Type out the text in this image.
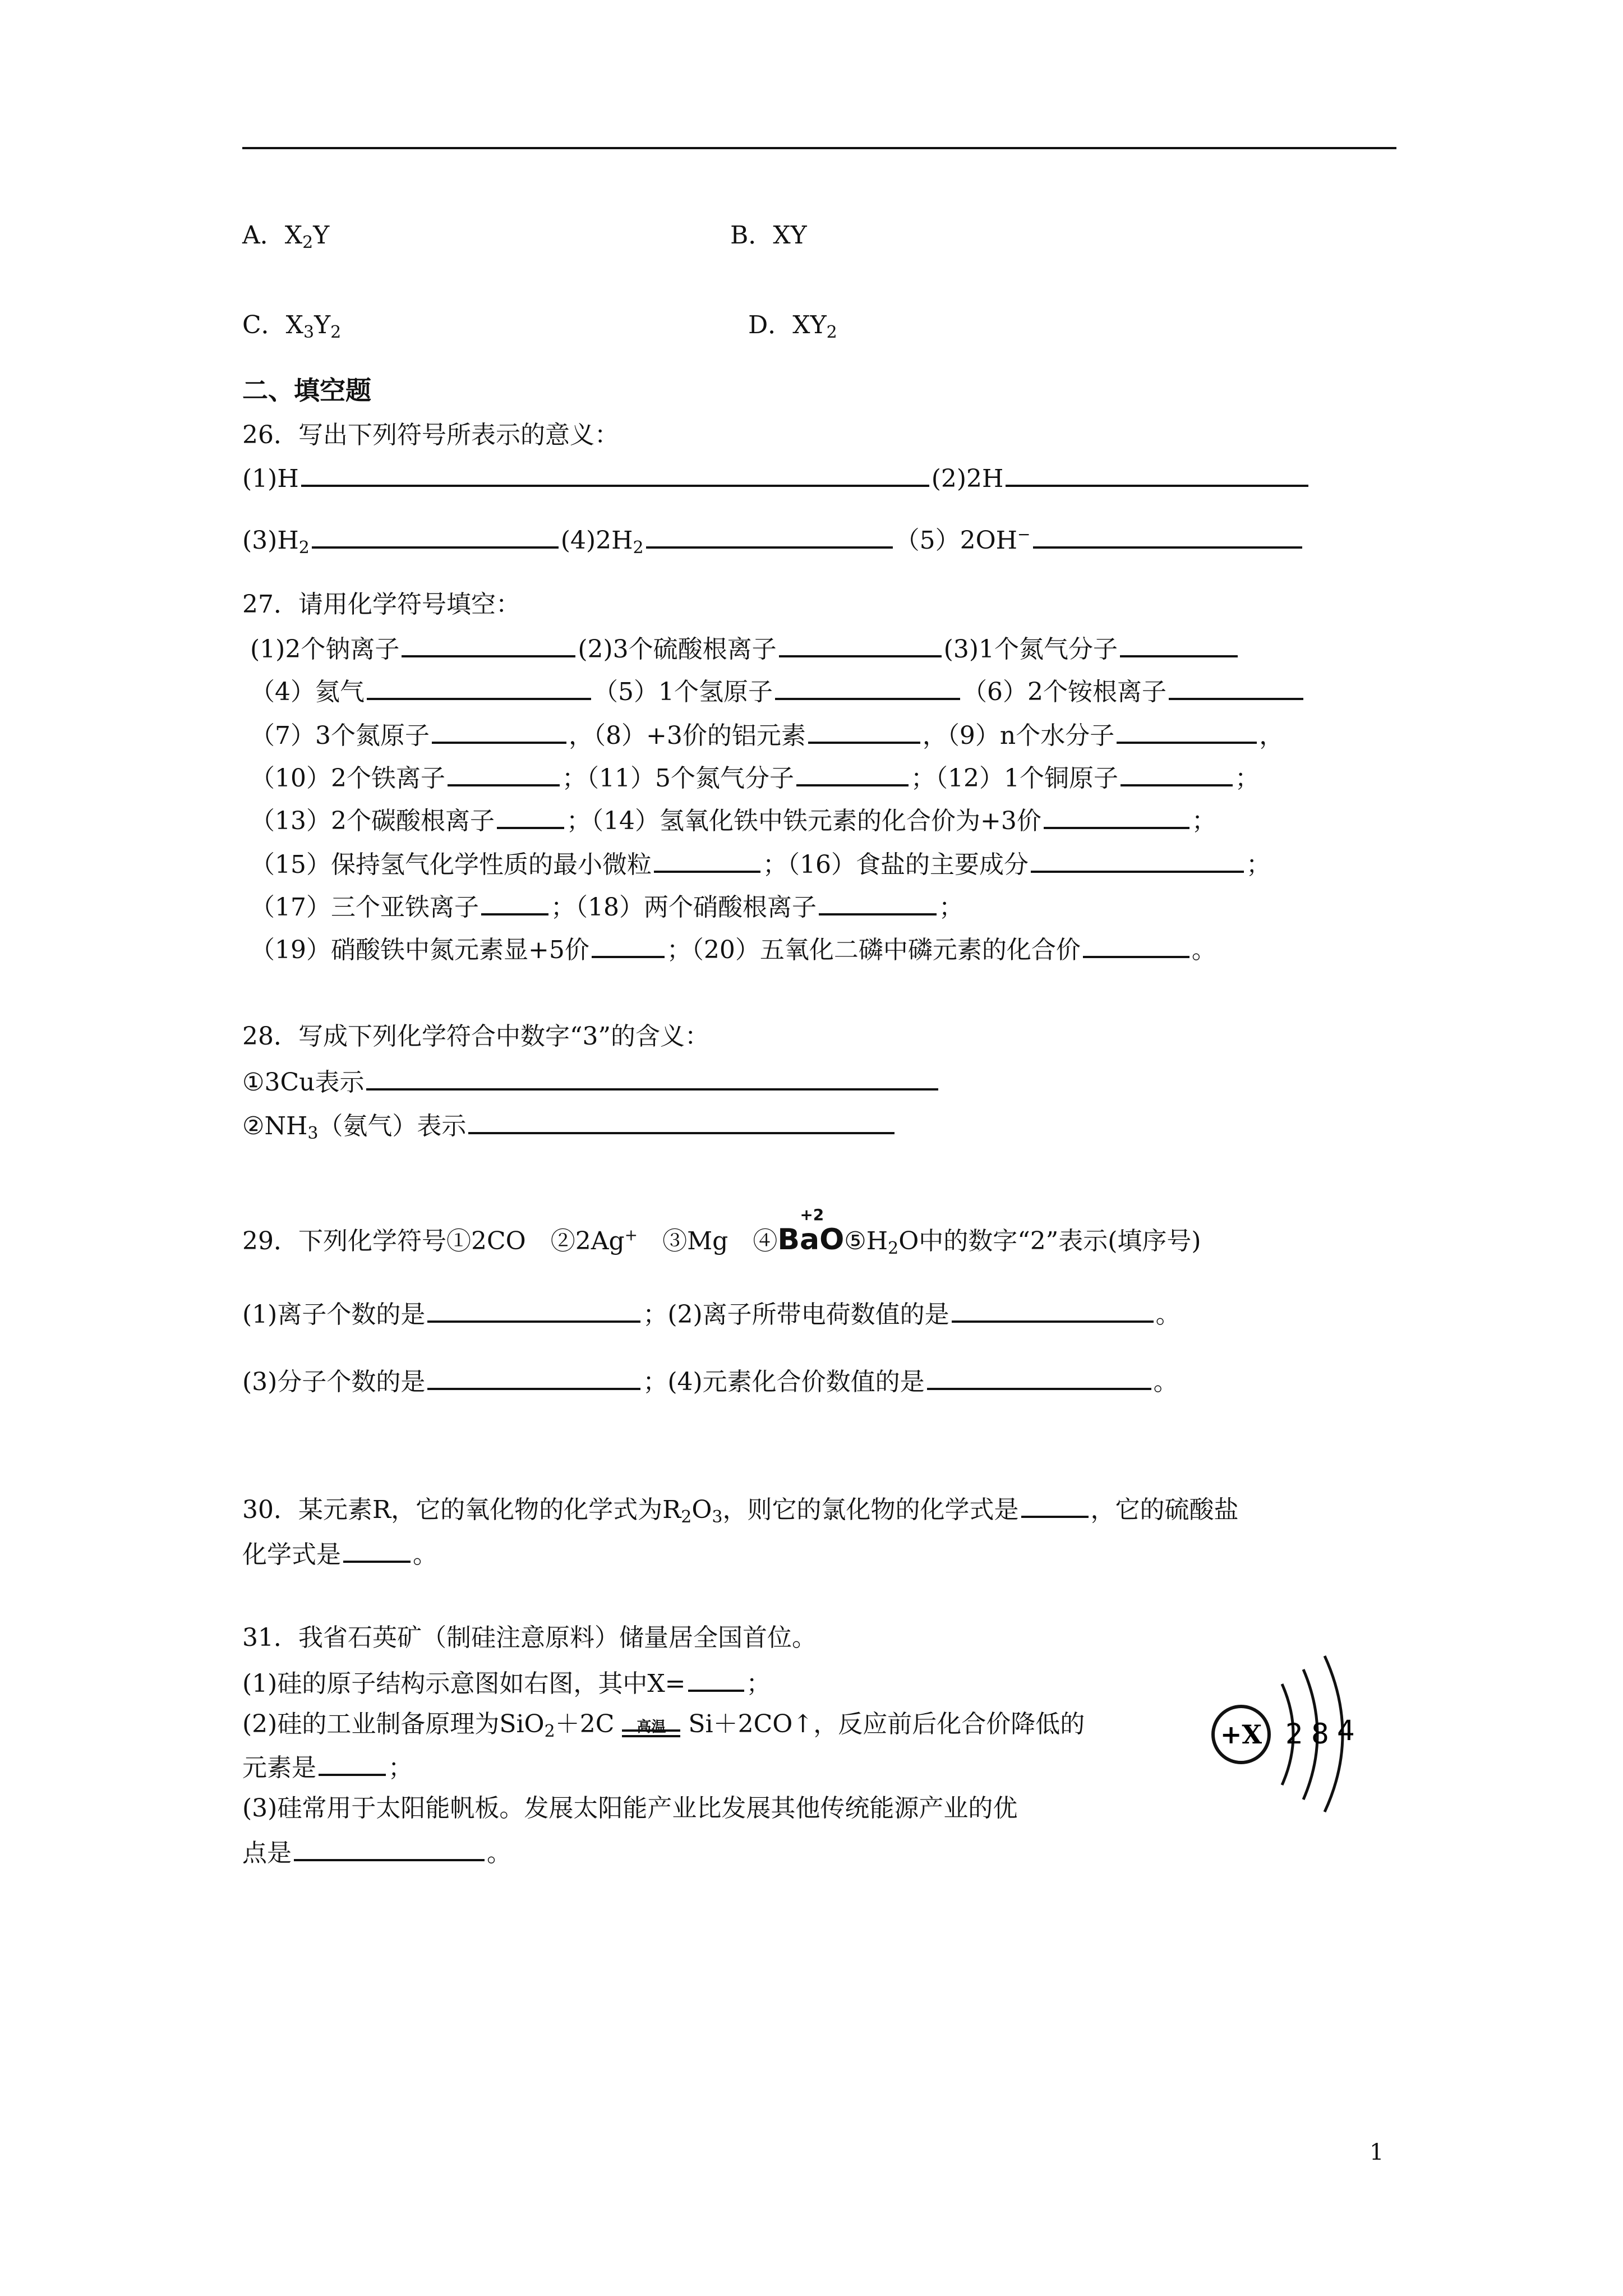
A．$X_2Y$	B．XY
C．$X_3Y_2$	D．$XY_2$
二、填空题
26．写出下列符号所表示的意义：
(1)H	(2)2H
$(3)H_2$	$(4)2H_2$	（5）2OH−
27．请用化学符号填空：
(1)2个钠离子	(2)3个硫酸根离子	(3)1个氮气分子
（4）氦气	（5）1个氢原子	（6）2个铵根离子
（7）3个氮原子	，（8）+3价的铝元素	，（9）n个水分子	，
（10）2个铁离子	；（11）5个氮气分子	；（12）1个铜原子	；
（13）2个碳酸根离子	；（14）氢氧化铁中铁元素的化合价为+3价	；
（15）保持氢气化学性质的最小微粒	；（16）食盐的主要成分	；
（17）三个亚铁离子	；（18）两个硝酸根离子	；
（19）硝酸铁中氮元素显+5价	；（20）五氧化二磷中磷元素的化合价	。
28．写成下列化学符合中数字“3”的含义：
①3Cu表示
$②NH_3$（氨气）表示
29．下列化学符号①2CO　②2Ag+　③Mg　④
+2
$BaO⑤H_2O$中的数字“2”表示(填序号)
(1)离子个数的是	；(2)离子所带电荷数值的是	。
(3)分子个数的是	；(4)元素化合价数值的是	。
30．某元素R，它的氧化物的化学式为$R_2O_3$，则它的氯化物的化学式是	，它的硫酸盐
化学式是	。
31．我省石英矿（制硅注意原料）储量居全国首位。
(1)硅的原子结构示意图如右图，其中X= ；
(2)硅的工业制备原理为SiO$_2$＋2C	高温 Si＋2CO↑，反应前后化合价降低的
元素是	；
(3)硅常用于太阳能帆板。发展太阳能产业比发展其他传统能源产业的优
点是	。
+X 2 8 4
1
